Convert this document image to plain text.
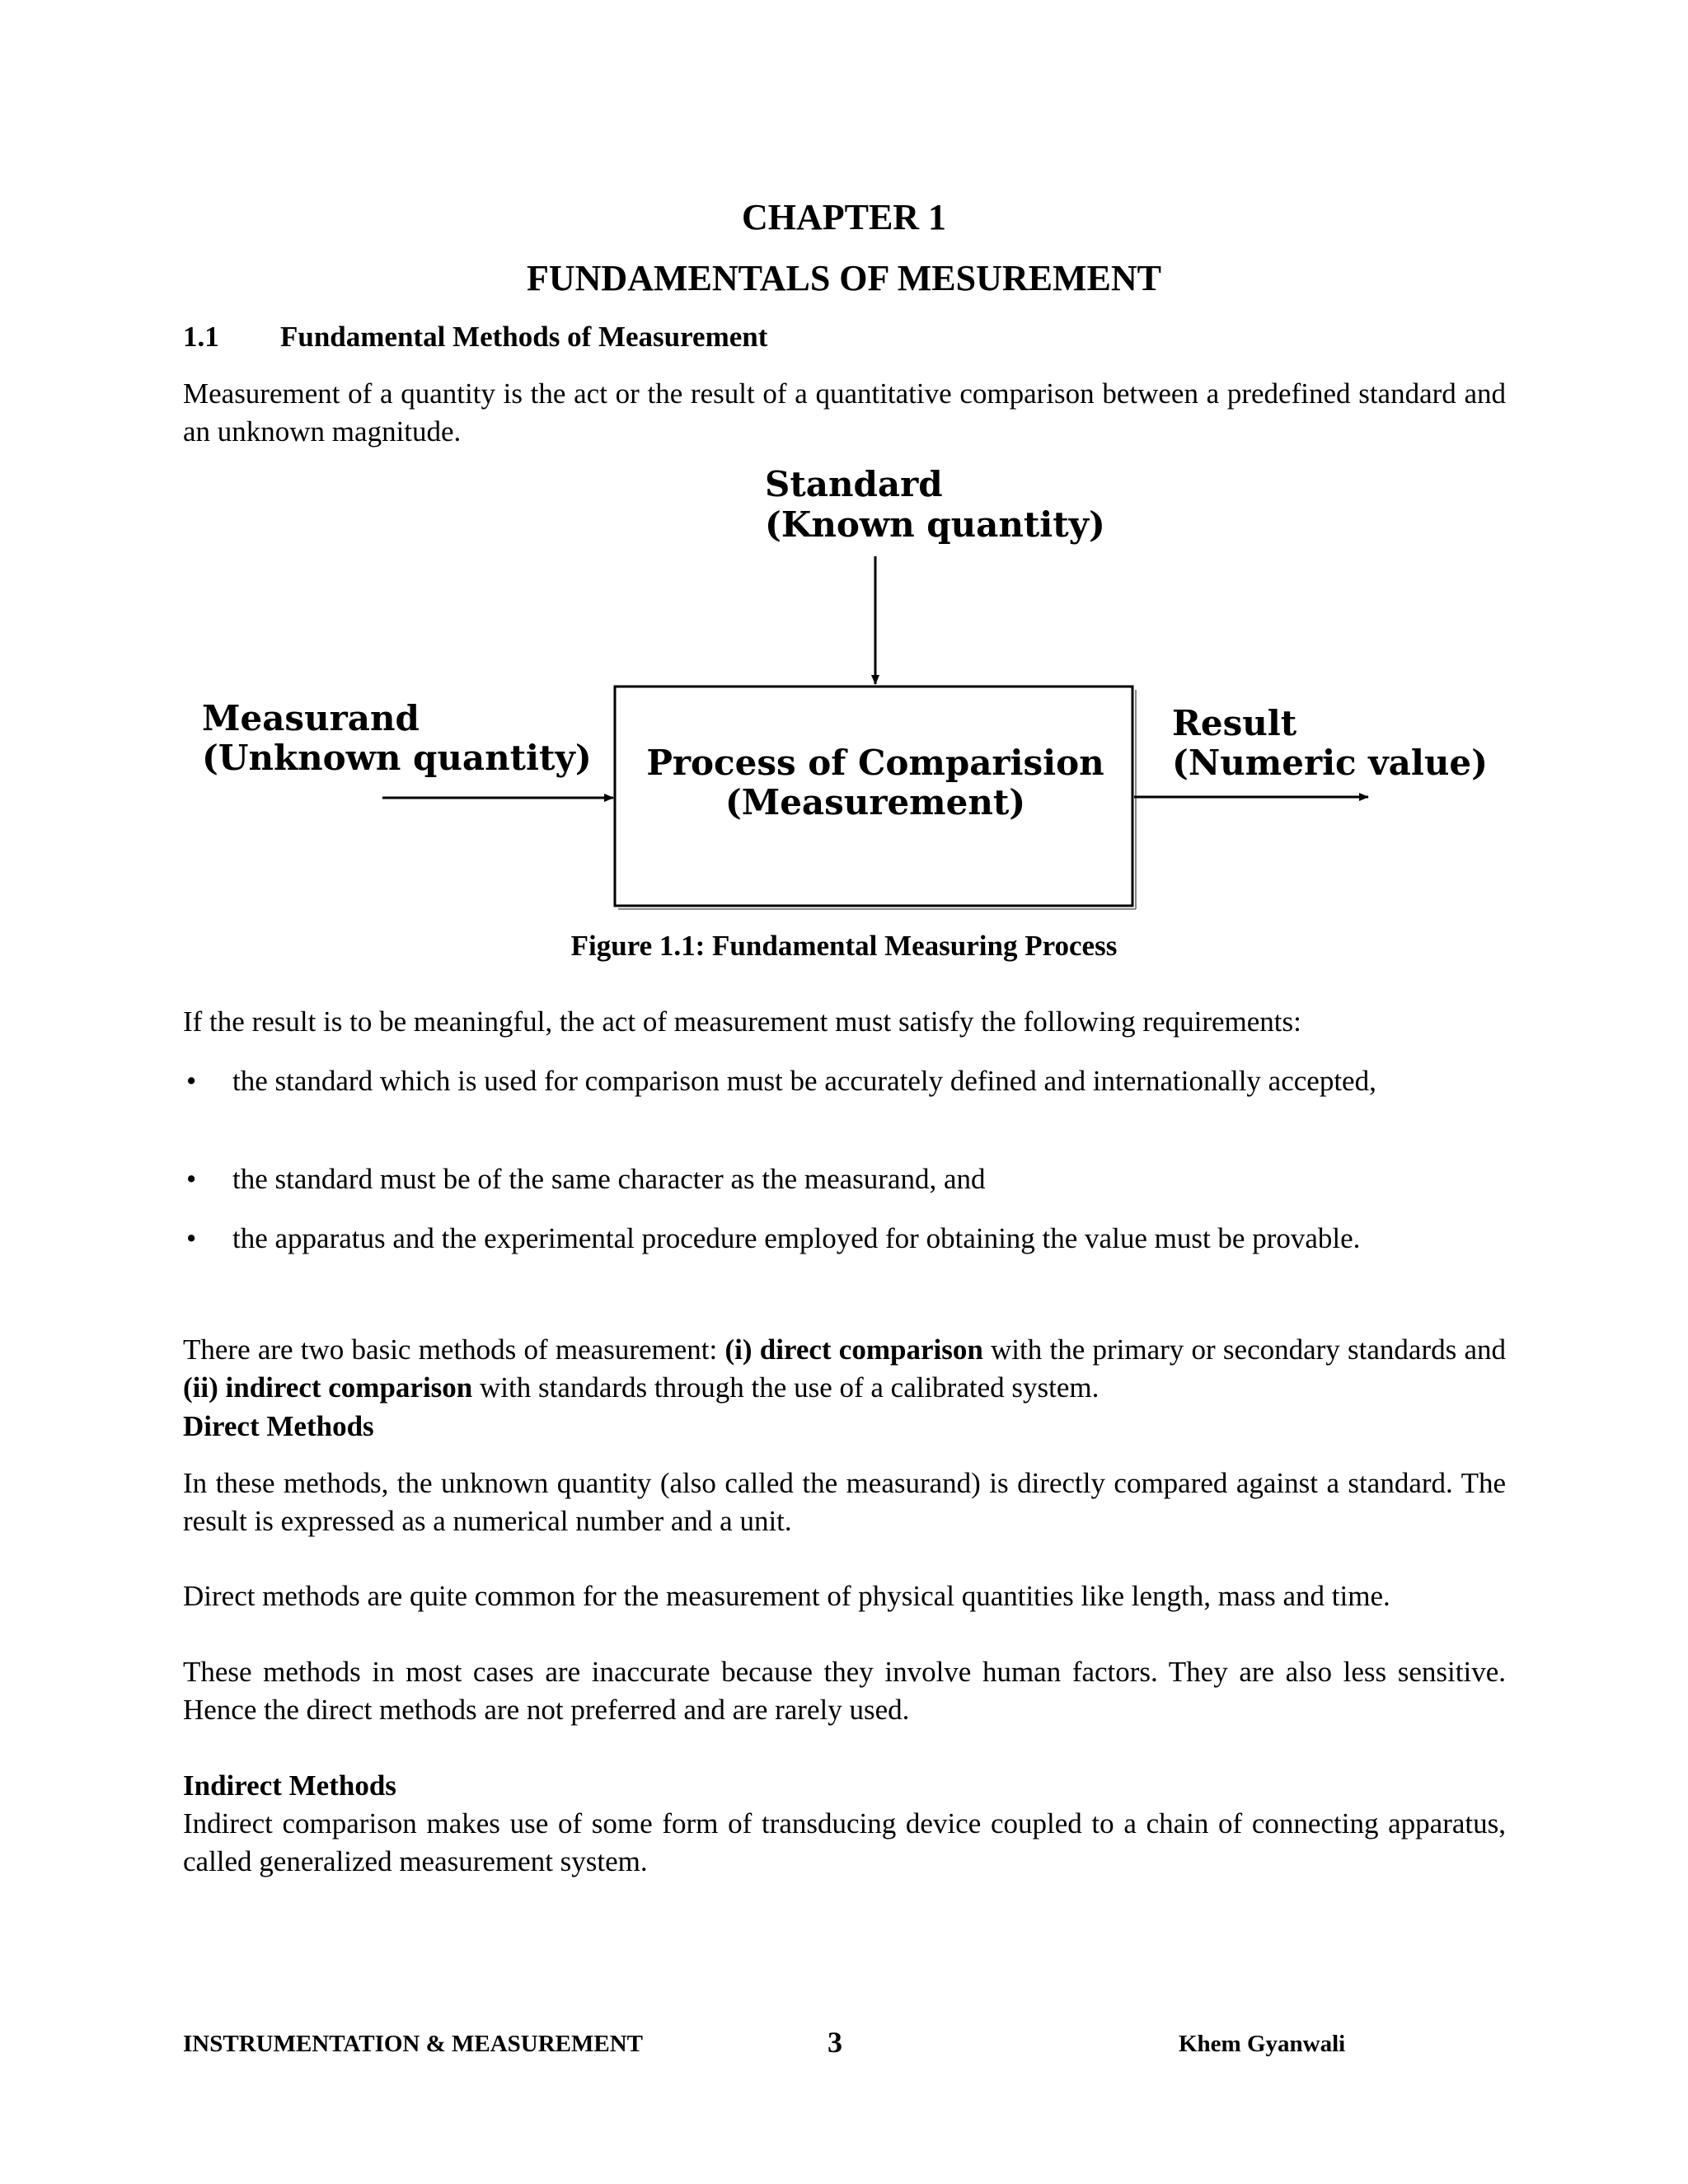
CHAPTER 1
FUNDAMENTALS OF MESUREMENT
1.1 Fundamental Methods of Measurement
Measurement of a quantity is the act or the result of a quantitative comparison between a predefined standard and an unknown magnitude.
Standard
(Known quantity)
Process of Comparision
(Measurement)
Measurand
(Unknown quantity)
Result
(Numeric value)
Figure 1.1: Fundamental Measuring Process
If the result is to be meaningful, the act of measurement must satisfy the following requirements:
• the standard which is used for comparison must be accurately defined and internationally accepted,
• the standard must be of the same character as the measurand, and
• the apparatus and the experimental procedure employed for obtaining the value must be provable.
There are two basic methods of measurement: (i) direct comparison with the primary or secondary standards and (ii) indirect comparison with standards through the use of a calibrated system.
Direct Methods
In these methods, the unknown quantity (also called the measurand) is directly compared against a standard. The result is expressed as a numerical number and a unit.
Direct methods are quite common for the measurement of physical quantities like length, mass and time.
These methods in most cases are inaccurate because they involve human factors. They are also less sensitive. Hence the direct methods are not preferred and are rarely used.
Indirect Methods
Indirect comparison makes use of some form of transducing device coupled to a chain of connecting apparatus, called generalized measurement system.
INSTRUMENTATION & MEASUREMENT	3	Khem Gyanwali
